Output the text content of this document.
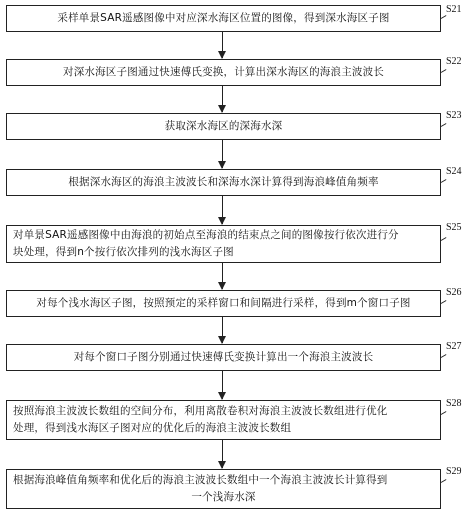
采样单景SAR遥感图像中对应深水海区位置的图像，得到深水海区子图
S21
对深水海区子图通过快速傅氏变换，计算出深水海区的海浪主波波长
S22
获取深水海区的深海水深
S23
根据深水海区的海浪主波波长和深海水深计算得到海浪峰值角频率
S24
对单景SAR遥感图像中由海浪的初始点至海浪的结束点之间的图像按行依次进行分
块处理，得到n个按行依次排列的浅水海区子图
S25
对每个浅水海区子图，按照预定的采样窗口和间隔进行采样，得到m个窗口子图
S26
对每个窗口子图分别通过快速傅氏变换计算出一个海浪主波波长
S27
按照海浪主波波长数组的空间分布，利用离散卷积对海浪主波波长数组进行优化
处理，得到浅水海区子图对应的优化后的海浪主波波长数组
S28
根据海浪峰值角频率和优化后的海浪主波波长数组中一个海浪主波波长计算得到
一个浅海水深
S29
